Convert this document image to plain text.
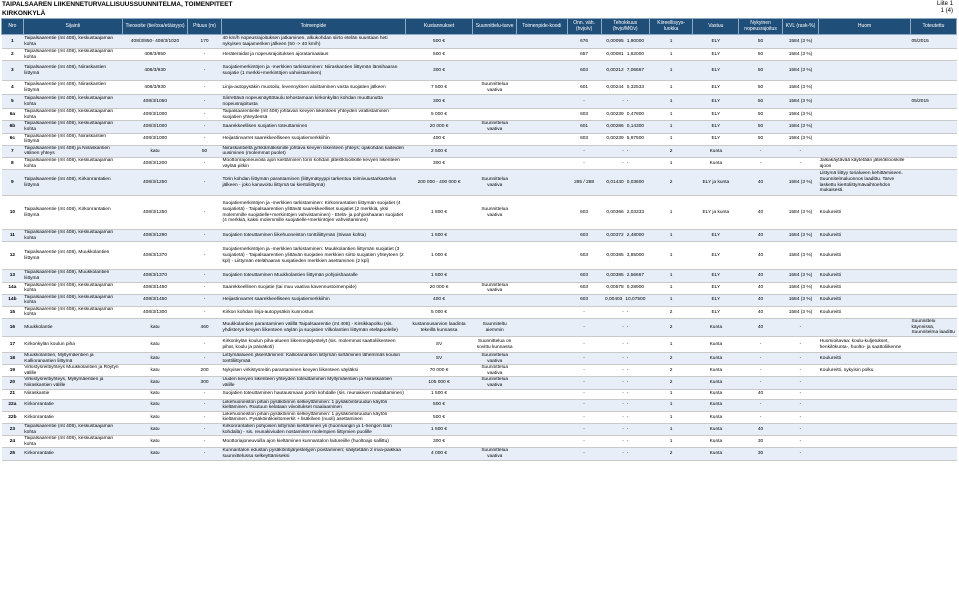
TAIPALSAAREN LIIKENNETURVALLISUUSSUUNNITELMA, TOIMENPITEET
KIRKONKYLÄ
Liite 1
1 (4)
Nro	Sijainti	Tieosoite (tie/osa/etäisyys)	Pituus (m)	Toimenpide	Kustannukset	Suunnittelu-tarve	Toimenpide-koodi	Onn. väh. (hvjo/v)	Tehokkuus (hvjo/M€/v)	Kiireellisyys-luokka	Vastuu	Nykyinen nopeusrajoitus	KVL (rask-%)	Huom	Toteutettu
1	Taipalsaarentie (mt 408), keskustaajaman kohta	408/3/850- 408/3/1020	170	40 km/h nopeusrajoituksen jatkaminen, alkukohdan siirto etelän suuntaan heti nykyisen taajameriken jälkeen (50 -> 40 km/h)	500 €			676	0,00095 1,90000	1	ELY	50	1584 (3 %)		05/2015
2	Taipalsaarentie (mt 408), keskustaajaman kohta	408/3/850	-	Heräteraidat ja nopeusrajoituksen ajoratamaalaus	500 €			657	0,00081 1,62000	1	ELY	50	1584 (3 %)		
3	Taipalsaarentie (mt 408), Niiraskantien liittymä	408/3/930	-	Suojatiemerkintöjen ja -merkkien tarkistaminen: Niiraskantien liittymän länsihaaran suojatie (1 merkki+merkintöjen vahvistaminen)	300 €			603	0,00212 7,06667	1	ELY	50	1584 (3 %)		
4	Taipalsaarentie (mt 408), Niiraskantien liittymä	408/3/930	-	Linja-autopysäkin muotoilu, levennyksen aloittaminen vasta suojatien jälkeen	7 500 €	Suunnittelua vaativa		601	0,00244 0,32533	1	ELY	50	1584 (3 %)		
5	Taipalsaarentie (mt 408), keskustaajaman kohta	408/3/1050	-	Siirrettävä nopeusnäyttötaulu tehostamaan kirkonkylän kohdan muuttunutta nopeusrajoitusta	300 €			-	- -	1	ELY	50	1584 (3 %)		05/2015
6a	Taipalsaarentie (mt 408), keskustaajaman kohta	408/3/1000	-	Taipalsaarentielle (mt 408) johtavan kevyen liikenteen yhteyden virallistaminen suojatien yhteydessä	5 000 €			603	0,00239 0,47800	1	ELY	50	1584 (3 %)		
6b	Taipalsaarentie (mt 408), keskustaajaman kohta	408/3/1000	-	Saarekkeellisen suojatien toteuttaminen	20 000 €	Suunnittelua vaativa		601	0,00286 0,14300	1	ELY	50	1584 (3 %)		
6c	Taipalsaarentie (mt 408), Niiraskantien liittymä	408/3/1000	-	Heijastinvarret saarekkeelliseen suojatiemerkkiihin	400 €			603	0,00239 5,97500	1	ELY	50	1584 (3 %)		
7	Taipalsaarentie (mt 408) ja Niiraskantien välinen yhteys	katu	50	Niiraskantieltä jyrkkämäkisinille johtava kevyen liikenteen yhteys; ojakohdan kaiteiden uusiminen (molemmat puolet)	2 500 €			-	- -	2	Kunta	-	-		
8	Taipalsaarentie (mt 408), keskustaajaman kohta	408/3/1200	-	Moottorirajoneuvoila ajon kieltäminen torin kohdan jätelöklooskille kevyen liikenteen väylää pitkin	300 €			-	- -	1	Kunta	-	-	Jalkakäytävää käytetään jätelöklooskille ajoon	
9	Taipalsaarentie (mt 408), Kirkonrantatien liittymä	408/3/1250	-	Torin kohdan liittymän parantaminen (liittymätyyppi tarkentuu toimivuustarkastelun jälkeen - joko kanavoitu liittymä tai kiertoliittymä)	200 000 - 400 000 €	Suunnittelua vaativa		285 / 288	0,01440 0,03600	2	ELY ja kunta	40	1584 (3 %)	Liittymä liittyy torialueen kehittämiseen. Suunnitelmaluonnos laadittu. Tarve laskettu kiertoliittymävaihtoehdon mukaisesti.	
10	Taipalsaarentie (mt 408), Kirkonrantatien liittymä	408/3/1250	-	Suojatiemerkintöjen ja -merkkien tarkistaminen: Kirkonrantatien liittymän suojatiet (4 suojatietä) - Taipalsaarentien ylittävät saarekkeelliset suojatiet (2 merkkiä, yksi molemmille suojatielle+merkintöjen vahvistaminen) - Etelä- ja pohjoishaaran suojatiet (4 merkkiä, kaksi molemmille suojatielle+merkintöjen vahvistaminen)	1 800 €	Suunnittelua vaativa		603	0,00366 2,03333	1	ELY ja kunta	40	1584 (3 %)	Koulureitti	
11	Taipalsaarentie (mt 408), keskustaajaman kohta	408/3/1290	-	Suojatien toteuttaminen liikehuoneiston tonttiliittymän (Siwan kohta)	1 500 €			603	0,00372 2,48000	1	ELY	40	1584 (3 %)	Koulureitti	
12	Taipalsaarentie (mt 408), Muukkolantien liittymä	408/3/1370	-	Suojatiemerkintöjen ja -merkkien tarkistaminen: Muukkolantien liittymän suojatiet (3 suojatietä) - Taipalsaarentien ylittävän suojatien merkkien siirto suojatien yhteyteen (2 kpl) - Liittymän etelähaaran suojatieden merkkien asettaminen (2 kpl)	1 000 €			603	0,00385 3,85000	1	ELY	40	1584 (3 %)	Koulureitti	
13	Taipalsaarentie (mt 408), Muukkolantien liittymä	408/3/1370	-	Suojatien toteuttaminen Muukkolantien liittymän pohjoishaaralle	1 500 €			603	0,00385 2,56667	1	ELY	40	1584 (3 %)	Koulureitti	
14a	Taipalsaarentie (mt 408), keskustaajaman kohta	408/3/1450	-	Saarekkeellinen suojatie (tai muu vaativa kavennustoimenpide)	20 000 €	Suunnittelua vaativa		603	0,00578 0,28900	1	ELY	40	1584 (3 %)	Koulureitti	
14b	Taipalsaarentie (mt 408), keskustaajaman kohta	408/3/1450	-	Heijastinvarret saarekkeelliseen suojatiemerkkiihin	400 €			603	0,00403 10,07500	1	ELY	40	1584 (3 %)	Koulureitti	
15	Taipalsaarentie (mt 408), keskustaajaman kohta	408/3/1300	-	Kirkon kohdan linja-autopysäkin kunnostus	5 000 €			-	- -	2	ELY	40	1584 (3 %)	Koulureitti	
16	Muukkolantie	katu	460	Muukkolantien parantaminen välillä Taipalsaarentie (mt 408) - Kirsikkapolku (sis. yhdisteryn kevyen liikenteen väylän ja suojatien Vilkolantien liittymän eteläpuolelle)	kustannusarvion laadinta tekeillä kunnassa	Suunniteltu aiemmin		-	- -	2	Kunta	40	-		Suunnittelu käynnissä, Suunnitelma laadittu
17	Kirkonkylän koulun piha	katu	-	Kirkonkylän koulun piha-alueen liikennejärjestelyt (sis. molemmat saattoliikenteen pihat, koulu ja päiväkoti)	SV	Suunnittelua on sovittu kunnassa		-	- -	1	Kunta	-	-	Huomioitavaa: koulu-kuljetukset, henkilökunta-, huolto- ja saattoliikenne	
18	Muukkolantien, Myllymäentien ja Kallioranantien liittymä	katu	-	Liittymäalueen jäsentäminen: Kallioranantien liittymän siirtäminen lähemmäs koulun tonttiliittymää	SV	Suunnittelua vaativa		-	- -	2	Kunta	-	-	Koulureitti	
19	Virkistysreittiyhteys Muukkolantien ja Röytyn välille	katu	200	Nykyisen virkistysreitin parantaminen kevyen liikenteen väyläksi	70 000 €	Suunnittelua vaativa		-	- -	2	Kunta	-	-	Koulureitti, nykyisin polku	
20	Virkistysreittiyhteys, Myllymäentien ja Niiraskantien välille	katu	300	Uuden kevyen liikenteen yhteyden toteuttaminen Myllymäentien ja Niiraskantien välille	105 000 €	Suunnittelua vaativa		-	- -	2	Kunta	-	-		
21	Niiraskantie	katu	-	Suojatien toteuttaminen hautausmaan portin kohdalle (sis. reunakiven madaltaminen)	1 500 €			-	- -	1	Kunta	40	-		
22a	Kirkonrantatie	katu	-	Liikehuoneiston pihan pysäköinnin selkeyttäminen: 1 pysäköintiruudun käytön kieltäminen. Ruutuun kelataan viivoitukset maalaaminen	500 €			-	- -	1	Kunta	-	-		
22b	Kirkonrantatie	katu	-	Liikehuoneiston pihan pysäköinnin selkeyttäminen: 1 pysäköintiruudun käytön kieltäminen. Pysäköintikieltomerkit + lisäkilven (nuoli) asettaminen	500 €			-	- -	1	Kunta	-	-		
23	Taipalsaarentie (mt 408), keskustaajaman kohta	katu	-	Kirkonrantatien pohjoisen liittymän kieltäminen yli (huonnangin ja 1-hengen tilan kohdalla) - sis. reunakiviuden nostaminen molempien liittymien puolille	1 500 €			-	- -	1	Kunta	40	-		
24	Taipalsaarentie (mt 408), keskustaajaman kohta	katu	-	Moottoriajoneuvoilla ajon kieltäminen kunnantalon laitureiille (huoltoajo sallittu)	300 €			-	- -	1	Kunta	30	-		
25	Kirkonrantatie	katu	-	Kunnantalon edustan pysäköintijärjestelyjen poistaminen; säilytetään 2 inva-paikkaa suunnittelussa selkeyttämiseksi	4 000 €	Suunnittelua vaativa		-	- -	2	Kunta	30	-		
